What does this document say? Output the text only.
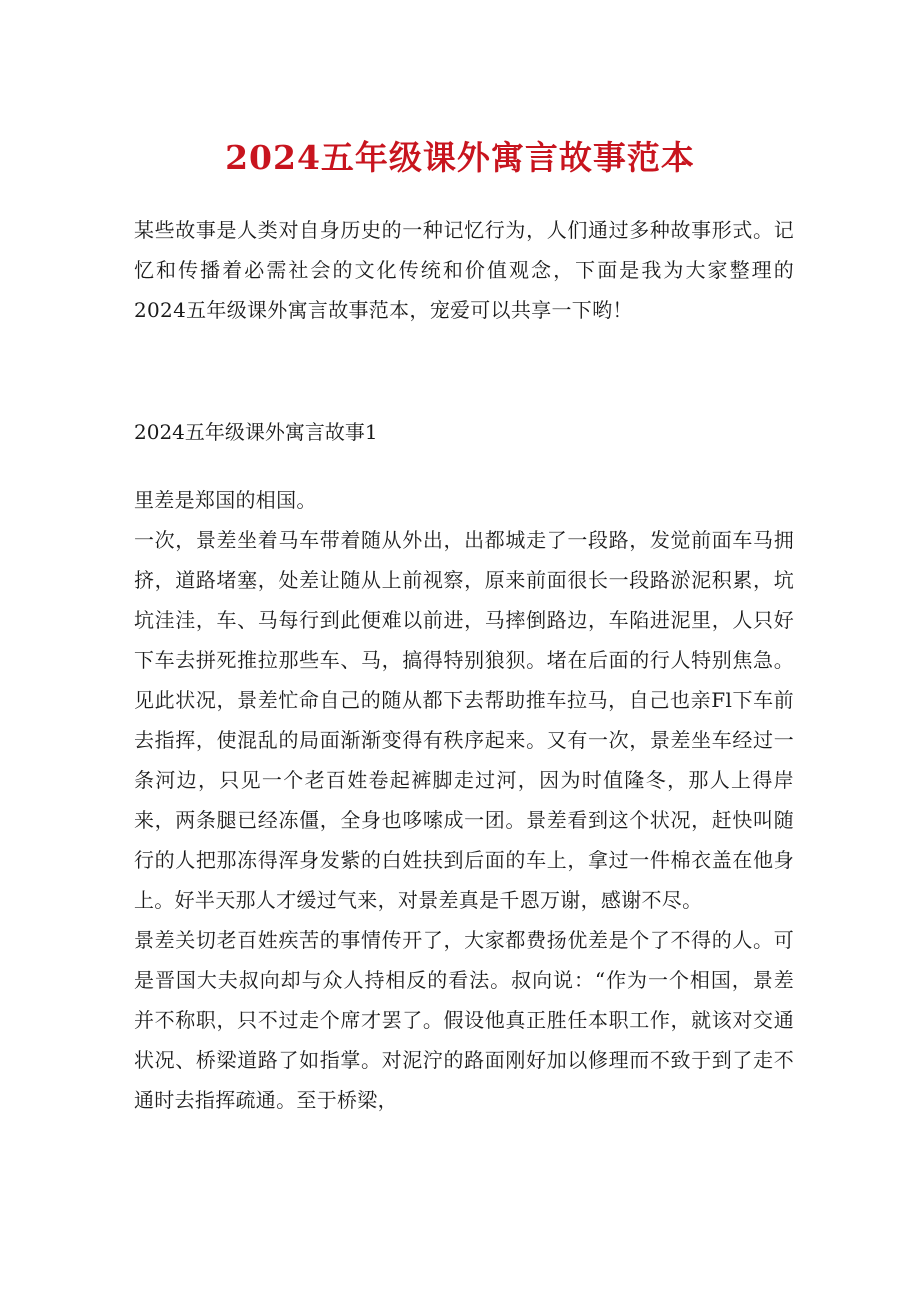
2024五年级课外寓言故事范本

某些故事是人类对自身历史的一种记忆行为，人们通过多种故事形式。记忆和传播着必需社会的文化传统和价值观念，下面是我为大家整理的2024五年级课外寓言故事范本，宠爱可以共享一下哟！

2024五年级课外寓言故事1

里差是郑国的相国。

一次，景差坐着马车带着随从外出，出都城走了一段路，发觉前面车马拥挤，道路堵塞，处差让随从上前视察，原来前面很长一段路淤泥积累，坑坑洼洼，车、马每行到此便难以前进，马摔倒路边，车陷进泥里，人只好下车去拼死推拉那些车、马，搞得特别狼狈。堵在后面的行人特别焦急。见此状况，景差忙命自己的随从都下去帮助推车拉马，自己也亲Fl下车前去指挥，使混乱的局面渐渐变得有秩序起来。又有一次，景差坐车经过一条河边，只见一个老百姓卷起裤脚走过河，因为时值隆冬，那人上得岸来，两条腿已经冻僵，全身也哆嗦成一团。景差看到这个状况，赶快叫随行的人把那冻得浑身发紫的白姓扶到后面的车上，拿过一件棉衣盖在他身上。好半天那人才缓过气来，对景差真是千恩万谢，感谢不尽。

景差关切老百姓疾苦的事情传开了，大家都费扬优差是个了不得的人。可是晋国大夫叔向却与众人持相反的看法。叔向说：“作为一个相国，景差并不称职，只不过走个席才罢了。假设他真正胜任本职工作，就该对交通状况、桥梁道路了如指掌。对泥泞的路面刚好加以修理而不致于到了走不通时去指挥疏通。至于桥梁，
